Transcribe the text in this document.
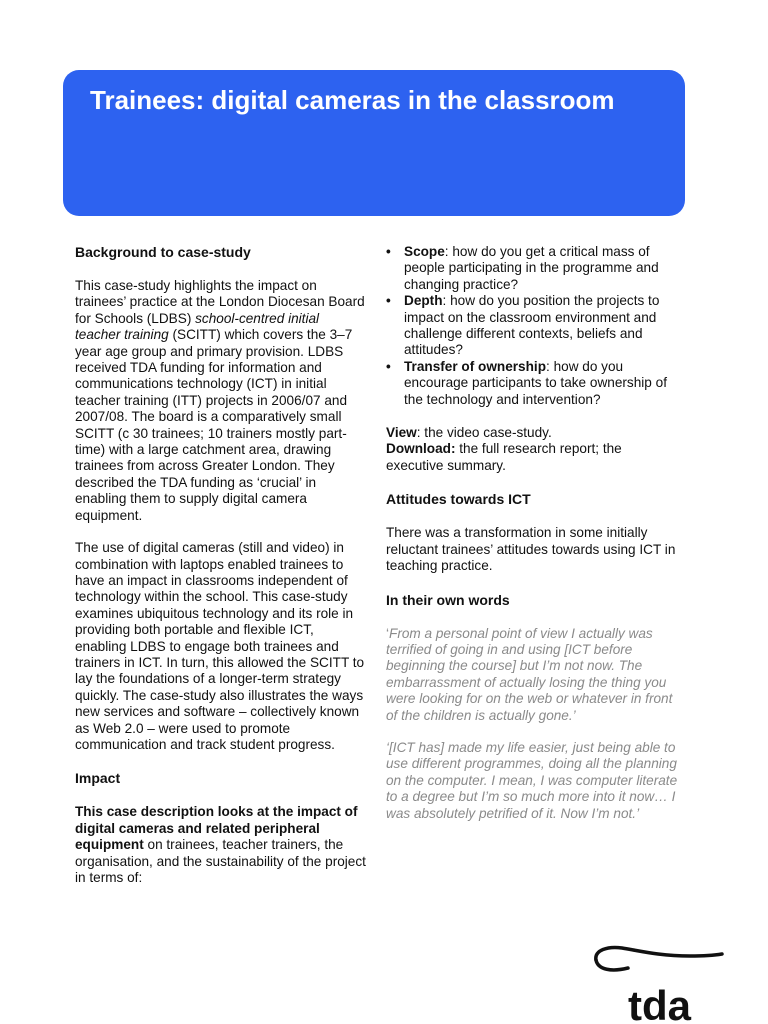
Trainees: digital cameras in the classroom
Background to case-study

This case-study highlights the impact on trainees’ practice at the London Diocesan Board for Schools (LDBS) school-centred initial teacher training (SCITT) which covers the 3–7 year age group and primary provision. LDBS received TDA funding for information and communications technology (ICT) in initial teacher training (ITT) projects in 2006/07 and 2007/08. The board is a comparatively small SCITT (c 30 trainees; 10 trainers mostly part-time) with a large catchment area, drawing trainees from across Greater London. They described the TDA funding as ‘crucial’ in enabling them to supply digital camera equipment.

The use of digital cameras (still and video) in combination with laptops enabled trainees to have an impact in classrooms independent of technology within the school. This case-study examines ubiquitous technology and its role in providing both portable and flexible ICT, enabling LDBS to engage both trainees and trainers in ICT. In turn, this allowed the SCITT to lay the foundations of a longer-term strategy quickly. The case-study also illustrates the ways new services and software – collectively known as Web 2.0 – were used to promote communication and track student progress.

Impact

This case description looks at the impact of digital cameras and related peripheral equipment on trainees, teacher trainers, the organisation, and the sustainability of the project in terms of:

• Scope: how do you get a critical mass of people participating in the programme and changing practice?
• Depth: how do you position the projects to impact on the classroom environment and challenge different contexts, beliefs and attitudes?
• Transfer of ownership: how do you encourage participants to take ownership of the technology and intervention?

View: the video case-study.

Download: the full research report; the executive summary.

Attitudes towards ICT

There was a transformation in some initially reluctant trainees’ attitudes towards using ICT in teaching practice.

In their own words

‘From a personal point of view I actually was terrified of going in and using [ICT before beginning the course] but I’m not now. The embarrassment of actually losing the thing you were looking for on the web or whatever in front of the children is actually gone.’

‘[ICT has] made my life easier, just being able to use different programmes, doing all the planning on the computer. I mean, I was computer literate to a degree but I’m so much more into it now… I was absolutely petrified of it. Now I’m not.’

tda
